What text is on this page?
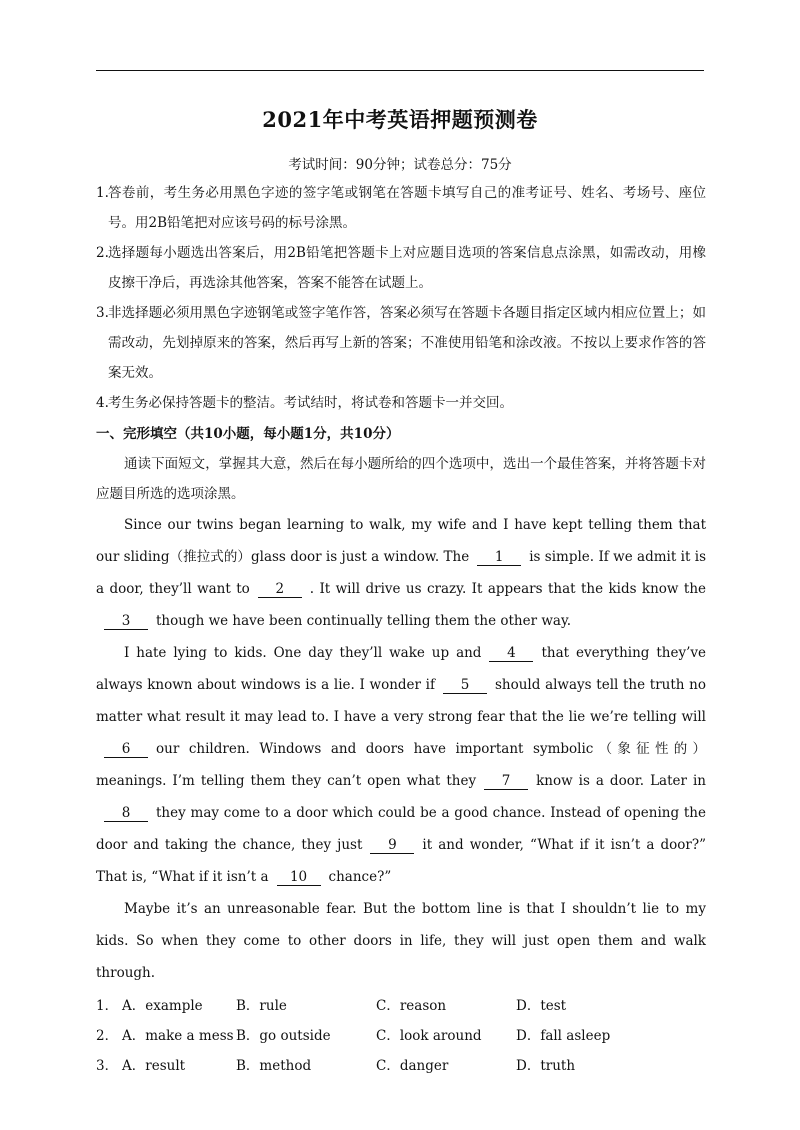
2021年中考英语押题预测卷
考试时间：90分钟；试卷总分：75分
1. 答卷前，考生务必用黑色字迹的签字笔或钢笔在答题卡填写自己的准考证号、姓名、考场号、座位号。用2B铅笔把对应该号码的标号涂黑。
2. 选择题每小题选出答案后，用2B铅笔把答题卡上对应题目选项的答案信息点涂黑，如需改动，用橡皮擦干净后，再选涂其他答案，答案不能答在试题上。
3. 非选择题必须用黑色字迹钢笔或签字笔作答，答案必须写在答题卡各题目指定区域内相应位置上；如需改动，先划掉原来的答案，然后再写上新的答案；不准使用铅笔和涂改液。不按以上要求作答的答案无效。
4. 考生务必保持答题卡的整洁。考试结时，将试卷和答题卡一并交回。
一、完形填空（共10小题，每小题1分，共10分）
通读下面短文，掌握其大意，然后在每小题所给的四个选项中，选出一个最佳答案，并将答题卡对应题目所选的选项涂黑。
Since our twins began learning to walk, my wife and I have kept telling them that our sliding（推拉式的）glass door is just a window. The 1 is simple. If we admit it is a door, they’ll want to 2 . It will drive us crazy. It appears that the kids know the3 though we have been continually telling them the other way.
I hate lying to kids. One day they’ll wake up and 4 that everything they’ve always known about windows is a lie. I wonder if 5 should always tell the truth no matter what result it may lead to. I have a very strong fear that the lie we’re telling will6 our children. Windows and doors have important symbolic（象征性的）meanings. I’m telling them they can’t open what they 7 know is a door. Later in8 they may come to a door which could be a good chance. Instead of opening the door and taking the chance, they just 9 it and wonder, “What if it isn’t a door?” That is, “What if it isn’t a 10 chance?”
Maybe it’s an unreasonable fear. But the bottom line is that I shouldn’t lie to my kids. So when they come to other doors in life, they will just open them and walk through.
1． A．example	B．rule	C．reason	D．test
2． A．make a mess B．go outside	C．look around	D．fall asleep
3． A．result	B．method	C．danger	D．truth
